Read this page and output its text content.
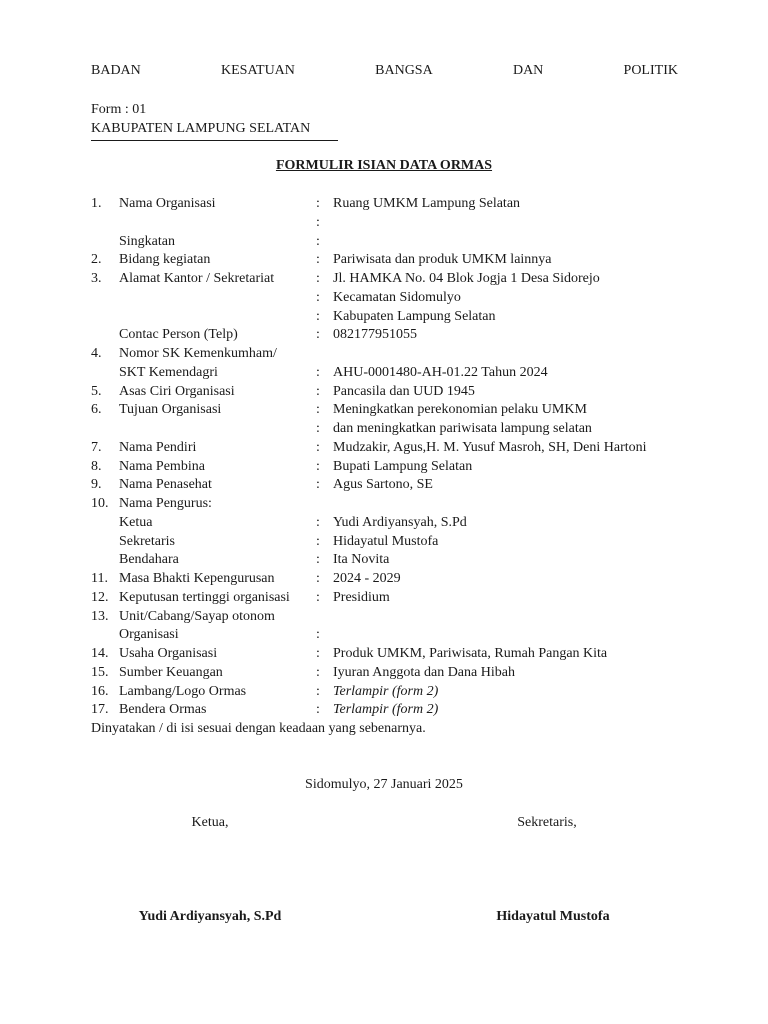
BADAN	KESATUAN	BANGSA	DAN	POLITIK
Form : 01
KABUPATEN LAMPUNG SELATAN
FORMULIR ISIAN DATA ORMAS
1. Nama Organisasi	: Ruang UMKM Lampung Selatan
:
Singkatan	:
2. Bidang kegiatan	: Pariwisata dan produk UMKM lainnya
3. Alamat Kantor / Sekretariat	: Jl. HAMKA No. 04 Blok Jogja 1 Desa Sidorejo
: Kecamatan Sidomulyo
: Kabupaten Lampung Selatan
Contac Person (Telp)	: 082177951055
4. Nomor SK Kemenkumham/
SKT Kemendagri	: AHU-0001480-AH-01.22 Tahun 2024
5. Asas Ciri Organisasi	: Pancasila dan UUD 1945
6. Tujuan Organisasi	: Meningkatkan perekonomian pelaku UMKM
: dan meningkatkan pariwisata lampung selatan
7. Nama Pendiri	: Mudzakir, Agus,H. M. Yusuf Masroh, SH, Deni Hartoni
8. Nama Pembina	: Bupati Lampung Selatan
9. Nama Penasehat	: Agus Sartono, SE
10. Nama Pengurus:
Ketua	: Yudi Ardiyansyah, S.Pd
Sekretaris	: Hidayatul Mustofa
Bendahara	: Ita Novita
11. Masa Bhakti Kepengurusan	: 2024 - 2029
12. Keputusan tertinggi organisasi : Presidium
13. Unit/Cabang/Sayap otonom
Organisasi	:
14. Usaha Organisasi	: Produk UMKM, Pariwisata, Rumah Pangan Kita
15. Sumber Keuangan	: Iyuran Anggota dan Dana Hibah
16. Lambang/Logo Ormas	: Terlampir (form 2)
17. Bendera Ormas	: Terlampir (form 2)
Dinyatakan / di isi sesuai dengan keadaan yang sebenarnya.
Sidomulyo, 27 Januari 2025
Ketua,	Sekretaris,
Yudi Ardiyansyah, S.Pd	Hidayatul Mustofa
